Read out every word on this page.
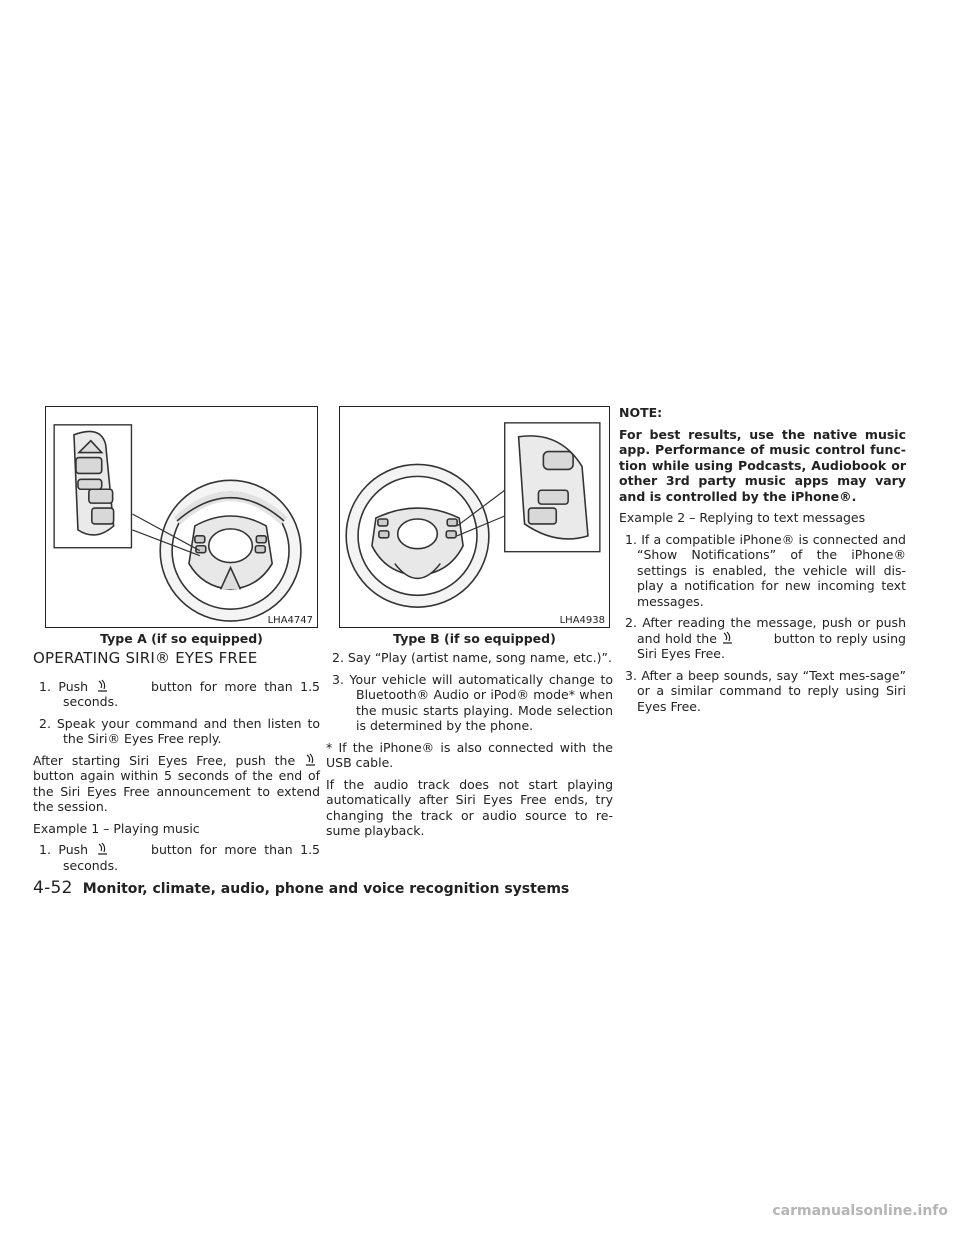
LHA4747
Type A (if so equipped)
LHA4938
Type B (if so equipped)
OPERATING SIRI® EYES FREE

1. Push	button for more than 1.5 seconds.

2. Speak your command and then listen to the Siri® Eyes Free reply.

After starting Siri Eyes Free, push the  button again within 5 seconds of the end of the Siri Eyes Free announcement to extend the session.

Example 1 – Playing music

1. Push	button for more than 1.5 seconds.

2. Say “Play (artist name, song name, etc.)”.

3. Your vehicle will automatically change to Bluetooth® Audio or iPod® mode* when the music starts playing. Mode selection is determined by the phone.

* If the iPhone® is also connected with the USB cable.

If the audio track does not start playing automatically after Siri Eyes Free ends, try changing the track or audio source to re-sume playback.

NOTE:

For best results, use the native music app. Performance of music control func-tion while using Podcasts, Audiobook or other 3rd party music apps may vary and is controlled by the iPhone®.

Example 2 – Replying to text messages

1. If a compatible iPhone® is connected and “Show Notifications” of the iPhone® settings is enabled, the vehicle will dis-play a notification for new incoming text messages.

2. After reading the message, push or push and hold the	button to reply using Siri Eyes Free.

3. After a beep sounds, say “Text mes-sage” or a similar command to reply using Siri Eyes Free.

4-52 Monitor, climate, audio, phone and voice recognition systems
carmanualsonline.info
